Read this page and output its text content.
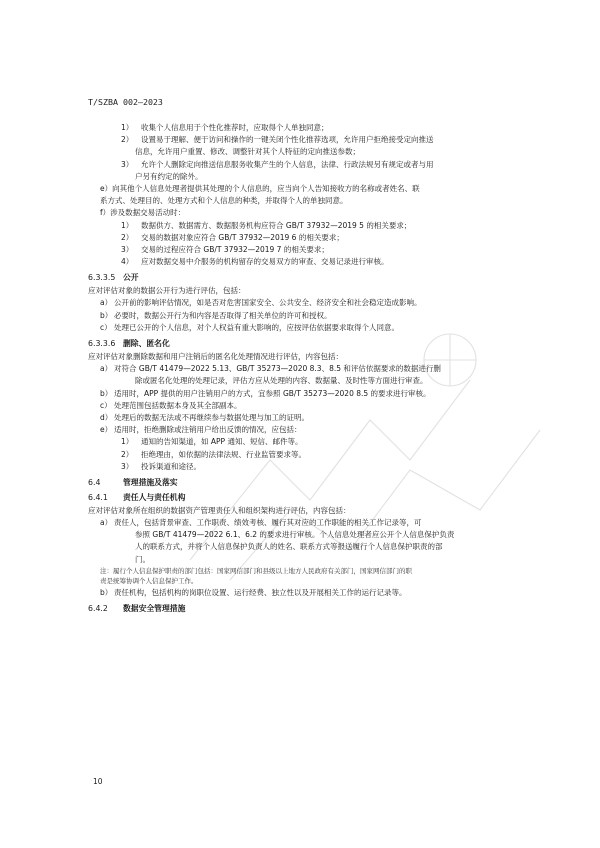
T/SZBA 002—2023
1） 收集个人信息用于个性化推荐时，应取得个人单独同意；
2） 设置易于理解、便于访问和操作的一键关闭个性化推荐选项，允许用户拒绝接受定向推送
信息，允许用户重置、修改、调整针对其个人特征的定向推送参数；
3） 允许个人删除定向推送信息服务收集产生的个人信息，法律、行政法规另有规定或者与用
户另有约定的除外。
e）向其他个人信息处理者提供其处理的个人信息的，应当向个人告知接收方的名称或者姓名、联
系方式、处理目的、处理方式和个人信息的种类，并取得个人的单独同意。
f）涉及数据交易活动时：
1） 数据供方、数据需方、数据服务机构应符合 GB/T 37932—2019 5 的相关要求；
2） 交易的数据对象应符合 GB/T 37932—2019 6 的相关要求；
3） 交易的过程应符合 GB/T 37932—2019 7 的相关要求；
4） 应对数据交易中介服务的机构留存的交易双方的审查、交易记录进行审核。
6.3.3.5 公开
应对评估对象的数据公开行为进行评估，包括：
a） 公开前的影响评估情况，如是否对危害国家安全、公共安全、经济安全和社会稳定造成影响。
b） 必要时，数据公开行为和内容是否取得了相关单位的许可和授权。
c） 处理已公开的个人信息，对个人权益有重大影响的，应按评估依据要求取得个人同意。
6.3.3.6 删除、匿名化
应对评估对象删除数据和用户注销后的匿名化处理情况进行评估，内容包括：
a） 对符合 GB/T 41479—2022 5.13、GB/T 35273—2020 8.3、8.5 和评估依据要求的数据进行删
除或匿名化处理的处理记录，评估方应从处理的内容、数据量、及时性等方面进行审查。
b） 适用时，APP 提供的用户注销用户的方式，宜参照 GB/T 35273—2020 8.5 的要求进行审核。
c） 处理范围包括数据本身及其全部副本。
d） 处理后的数据无法或不再继续参与数据处理与加工的证明。
e） 适用时，拒绝删除或注销用户给出反馈的情况，应包括：
1） 通知的告知渠道，如 APP 通知、短信、邮件等。
2） 拒绝理由，如依据的法律法规、行业监管要求等。
3） 投诉渠道和途径。
6.4	管理措施及落实
6.4.1 责任人与责任机构
应对评估对象所在组织的数据资产管理责任人和组织架构进行评估，内容包括：
a） 责任人，包括背景审查、工作职责、绩效考核、履行其对应的工作职能的相关工作记录等，可
参照 GB/T 41479—2022 6.1、6.2 的要求进行审核。个人信息处理者应公开个人信息保护负责
人的联系方式，并将个人信息保护负责人的姓名、联系方式等报送履行个人信息保护职责的部
门。
注：履行个人信息保护职责的部门包括：国家网信部门和县级以上地方人民政府有关部门，国家网信部门的职
责是统筹协调个人信息保护工作。
b） 责任机构，包括机构的岗职位设置、运行经费、独立性以及开展相关工作的运行记录等。
6.4.2 数据安全管理措施
10
